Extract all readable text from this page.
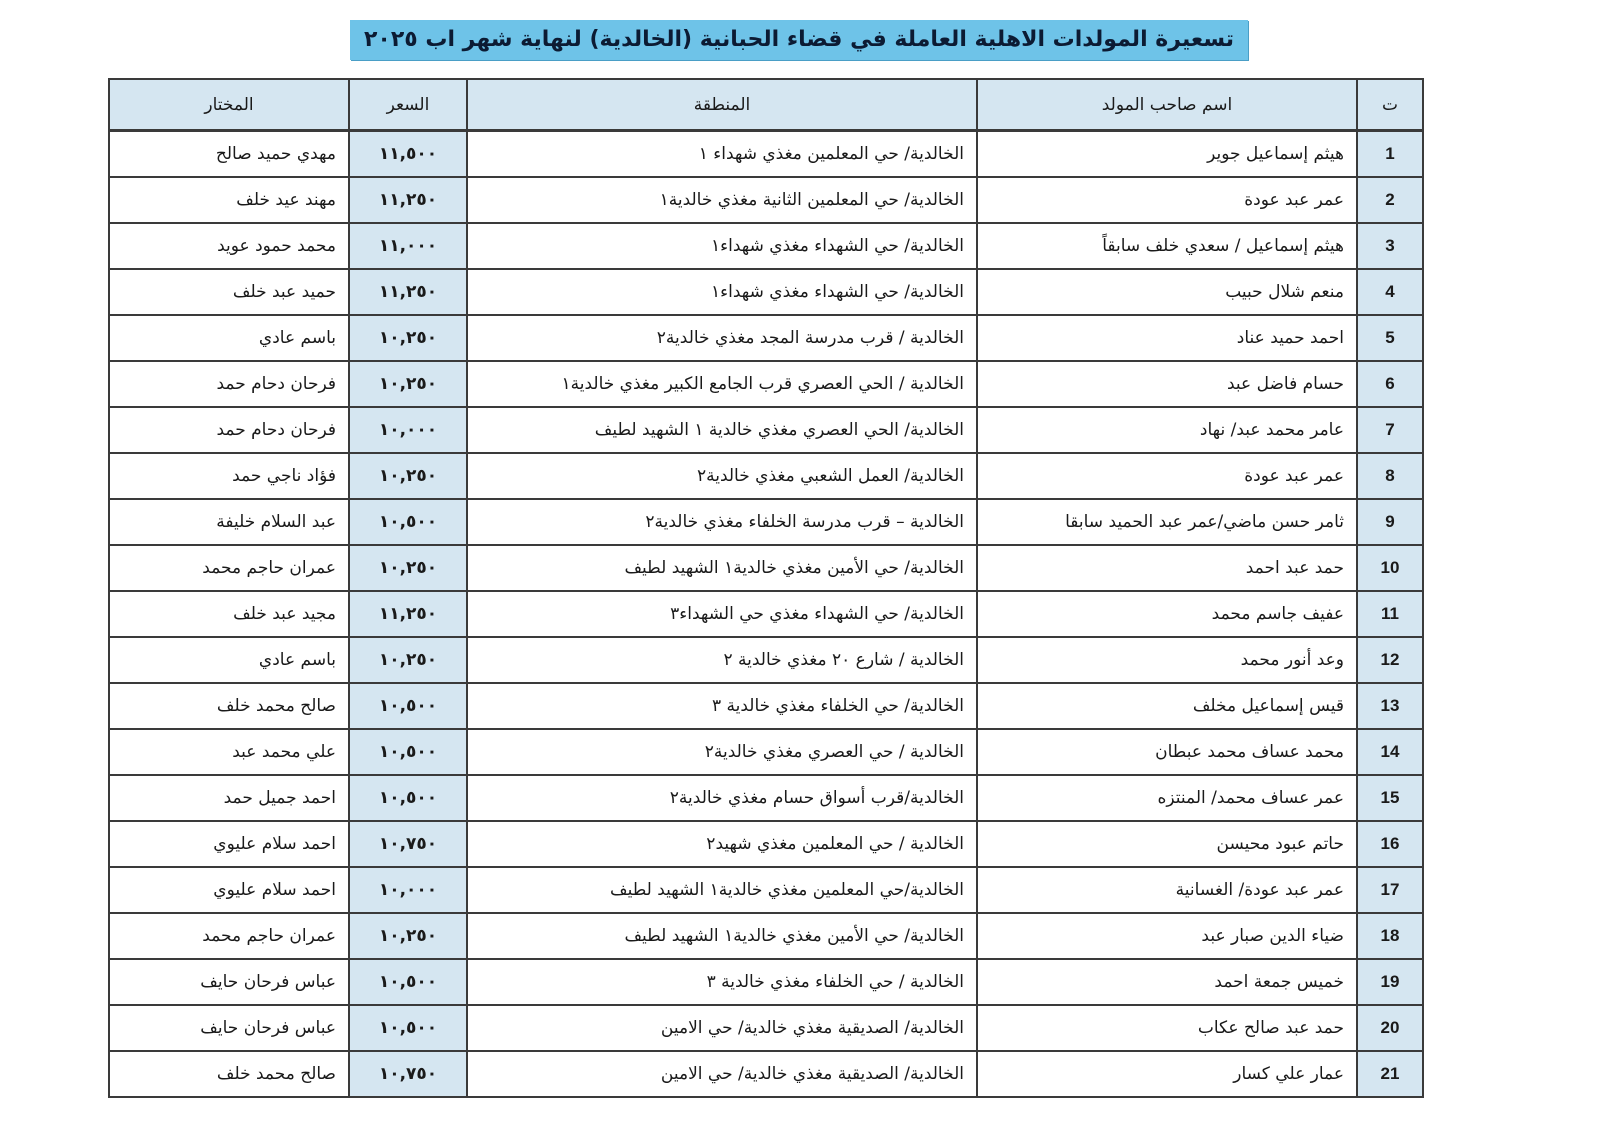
تسعيرة المولدات الاهلية العاملة في قضاء الحبانية (الخالدية) لنهاية شهر اب ٢٠٢٥
ت	اسم صاحب المولد	المنطقة	السعر	المختار
1	هيثم إسماعيل جوير	الخالدية/ حي المعلمين مغذي شهداء ١	١١,٥٠٠	مهدي حميد صالح
2	عمر عبد عودة	الخالدية/ حي المعلمين الثانية مغذي خالدية١	١١,٢٥٠	مهند عيد خلف
3	هيثم إسماعيل / سعدي خلف سابقاً	الخالدية/ حي الشهداء مغذي شهداء١	١١,٠٠٠	محمد حمود عويد
4	منعم شلال حبيب	الخالدية/ حي الشهداء مغذي شهداء١	١١,٢٥٠	حميد عبد خلف
5	احمد حميد عناد	الخالدية / قرب مدرسة المجد مغذي خالدية٢	١٠,٢٥٠	باسم عادي
6	حسام فاضل عبد	الخالدية / الحي العصري قرب الجامع الكبير مغذي خالدية١	١٠,٢٥٠	فرحان دحام حمد
7	عامر محمد عبد/ نهاد	الخالدية/ الحي العصري مغذي خالدية ١ الشهيد لطيف	١٠,٠٠٠	فرحان دحام حمد
8	عمر عبد عودة	الخالدية/ العمل الشعبي مغذي خالدية٢	١٠,٢٥٠	فؤاد ناجي حمد
9	ثامر حسن ماضي/عمر عبد الحميد سابقا	الخالدية – قرب مدرسة الخلفاء مغذي خالدية٢	١٠,٥٠٠	عبد السلام خليفة
10	حمد عبد احمد	الخالدية/ حي الأمين مغذي خالدية١ الشهيد لطيف	١٠,٢٥٠	عمران حاجم محمد
11	عفيف جاسم محمد	الخالدية/ حي الشهداء مغذي حي الشهداء٣	١١,٢٥٠	مجيد عبد خلف
12	وعد أنور محمد	الخالدية / شارع ٢٠ مغذي خالدية ٢	١٠,٢٥٠	باسم عادي
13	قيس إسماعيل مخلف	الخالدية/ حي الخلفاء مغذي خالدية ٣	١٠,٥٠٠	صالح محمد خلف
14	محمد عساف محمد عبطان	الخالدية / حي العصري مغذي خالدية٢	١٠,٥٠٠	علي محمد عبد
15	عمر عساف محمد/ المنتزه	الخالدية/قرب أسواق حسام مغذي خالدية٢	١٠,٥٠٠	احمد جميل حمد
16	حاتم عبود محيسن	الخالدية / حي المعلمين مغذي شهيد٢	١٠,٧٥٠	احمد سلام عليوي
17	عمر عبد عودة/ الغسانية	الخالدية/حي المعلمين مغذي خالدية١ الشهيد لطيف	١٠,٠٠٠	احمد سلام عليوي
18	ضياء الدين صبار عبد	الخالدية/ حي الأمين مغذي خالدية١ الشهيد لطيف	١٠,٢٥٠	عمران حاجم محمد
19	خميس جمعة احمد	الخالدية / حي الخلفاء مغذي خالدية ٣	١٠,٥٠٠	عباس فرحان حايف
20	حمد عبد صالح عكاب	الخالدية/ الصديقية مغذي خالدية/ حي الامين	١٠,٥٠٠	عباس فرحان حايف
21	عمار علي كسار	الخالدية/ الصديقية مغذي خالدية/ حي الامين	١٠,٧٥٠	صالح محمد خلف
